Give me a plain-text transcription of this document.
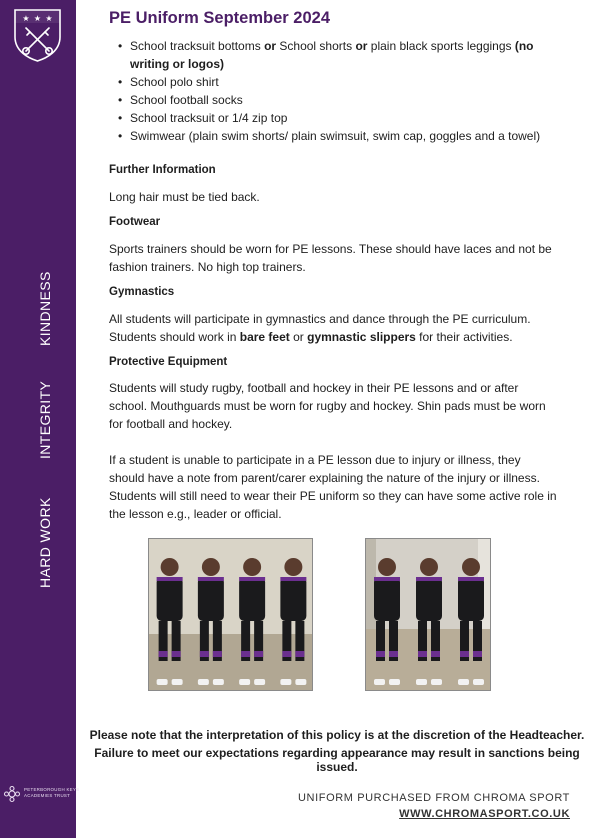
★ ★ ★
KINDNESS
INTEGRITY
HARD WORK
PETERBOROUGH KEYS
ACADEMIES TRUST
PE Uniform September 2024
• School tracksuit bottoms or School shorts or plain black sports leggings (no writing or logos)
• School polo shirt
• School football socks
• School tracksuit or 1/4 zip top
• Swimwear (plain swim shorts/ plain swimsuit, swim cap, goggles and a towel)
Further Information
Long hair must be tied back.
Footwear
Sports trainers should be worn for PE lessons. These should have laces and not be fashion trainers. No high top trainers.
Gymnastics
All students will participate in gymnastics and dance through the PE curriculum. Students should work in bare feet or gymnastic slippers for their activities.
Protective Equipment
Students will study rugby, football and hockey in their PE lessons and or after school. Mouthguards must be worn for rugby and hockey. Shin pads must be worn for football and hockey.
If a student is unable to participate in a PE lesson due to injury or illness, they should have a note from parent/carer explaining the nature of the injury or illness. Students will still need to wear their PE uniform so they can have some active role in the lesson e.g., leader or official.
Please note that the interpretation of this policy is at the discretion of the Headteacher.
Failure to meet our expectations regarding appearance may result in sanctions being issued.
UNIFORM PURCHASED FROM CHROMA SPORT
WWW.CHROMASPORT.CO.UK
